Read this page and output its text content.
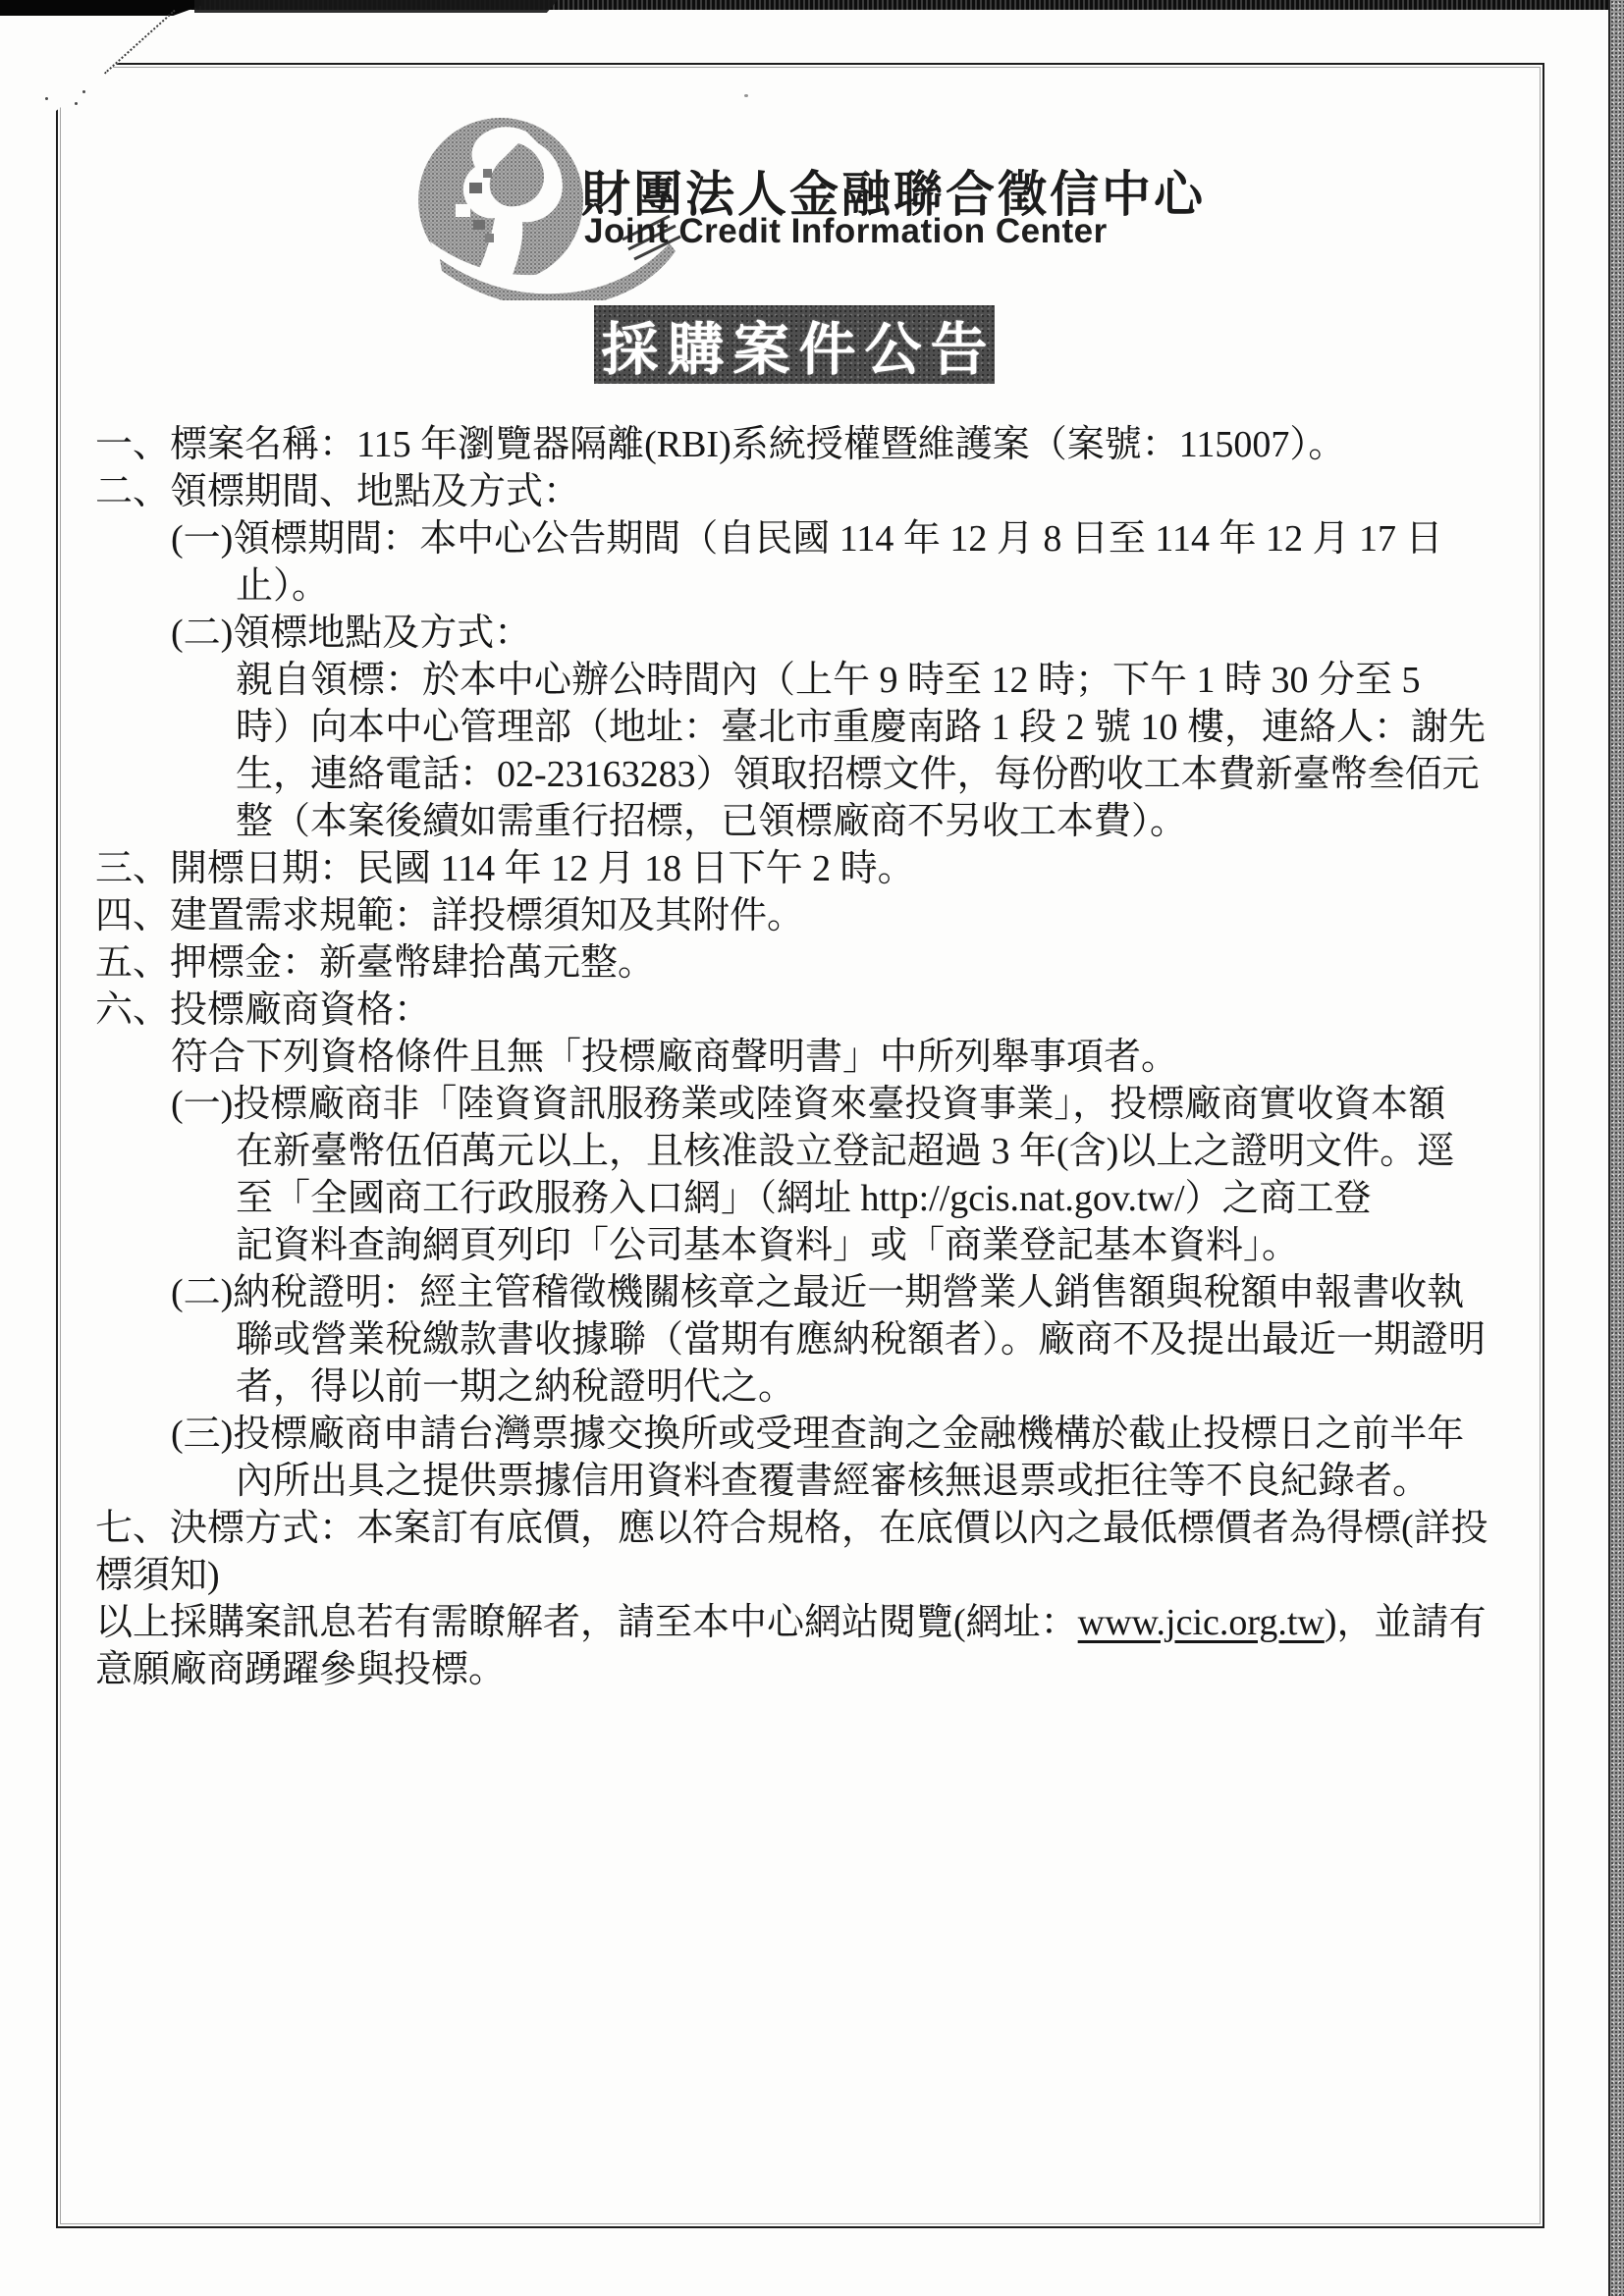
財團法人金融聯合徵信中心
Joint Credit Information Center
採購案件公告
一、標案名稱：115 年瀏覽器隔離(RBI)系統授權暨維護案（案號：115007）。
二、領標期間、地點及方式：
(一)領標期間：本中心公告期間（自民國 114 年 12 月 8 日至 114 年 12 月 17 日
止）。
(二)領標地點及方式：
親自領標：於本中心辦公時間內（上午 9 時至 12 時；下午 1 時 30 分至 5
時）向本中心管理部（地址：臺北市重慶南路 1 段 2 號 10 樓，連絡人：謝先
生，連絡電話：02-23163283）領取招標文件，每份酌收工本費新臺幣叁佰元
整（本案後續如需重行招標，已領標廠商不另收工本費）。
三、開標日期：民國 114 年 12 月 18 日下午 2 時。
四、建置需求規範：詳投標須知及其附件。
五、押標金：新臺幣肆拾萬元整。
六、投標廠商資格：
符合下列資格條件且無「投標廠商聲明書」中所列舉事項者。
(一)投標廠商非「陸資資訊服務業或陸資來臺投資事業」，投標廠商實收資本額
在新臺幣伍佰萬元以上，且核准設立登記超過 3 年(含)以上之證明文件。逕
至「全國商工行政服務入口網」（網址 http://gcis.nat.gov.tw/）之商工登
記資料查詢網頁列印「公司基本資料」或「商業登記基本資料」。
(二)納稅證明：經主管稽徵機關核章之最近一期營業人銷售額與稅額申報書收執
聯或營業稅繳款書收據聯（當期有應納稅額者）。廠商不及提出最近一期證明
者，得以前一期之納稅證明代之。
(三)投標廠商申請台灣票據交換所或受理查詢之金融機構於截止投標日之前半年
內所出具之提供票據信用資料查覆書經審核無退票或拒往等不良紀錄者。
七、決標方式：本案訂有底價，應以符合規格，在底價以內之最低標價者為得標(詳投
標須知)
以上採購案訊息若有需瞭解者，請至本中心網站閱覽(網址：www.jcic.org.tw)，並請有
意願廠商踴躍參與投標。
